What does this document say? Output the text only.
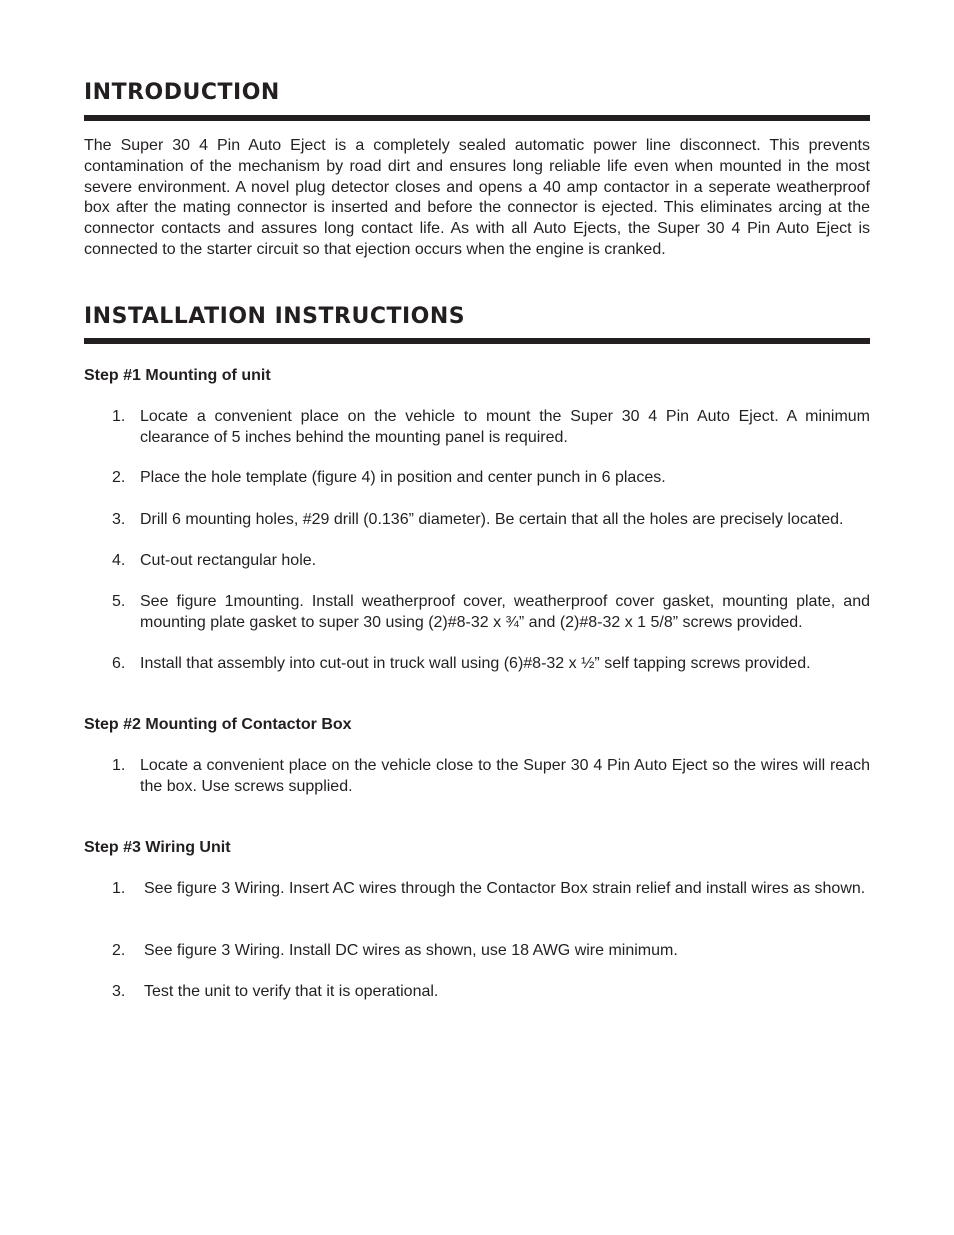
INTRODUCTION

The Super 30 4 Pin Auto Eject is a completely sealed automatic power line disconnect. This prevents contamination of the mechanism by road dirt and ensures long reliable life even when mounted in the most severe environment. A novel plug detector closes and opens a 40 amp contactor in a seperate weatherproof box after the mating connector is inserted and before the connector is ejected. This eliminates arcing at the connector contacts and assures long contact life. As with all Auto Ejects, the Super 30 4 Pin Auto Eject is connected to the starter circuit so that ejection occurs when the engine is cranked.

INSTALLATION INSTRUCTIONS

Step #1 Mounting of unit

1. Locate a convenient place on the vehicle to mount the Super 30 4 Pin Auto Eject. A minimum clearance of 5 inches behind the mounting panel is required.
2. Place the hole template (figure 4) in position and center punch in 6 places.
3. Drill 6 mounting holes, #29 drill (0.136” diameter). Be certain that all the holes are precisely located.
4. Cut-out rectangular hole.
5. See figure 1mounting. Install weatherproof cover, weatherproof cover gasket, mounting plate, and mounting plate gasket to super 30 using (2)#8-32 x ¾” and (2)#8-32 x 1 5/8” screws provided.
6. Install that assembly into cut-out in truck wall using (6)#8-32 x ½” self tapping screws provided.

Step #2 Mounting of Contactor Box

1. Locate a convenient place on the vehicle close to the Super 30 4 Pin Auto Eject so the wires will reach the box. Use screws supplied.

Step #3 Wiring Unit

1.	See figure 3 Wiring. Insert AC wires through the Contactor Box strain relief and install wires as shown.
2.	See figure 3 Wiring. Install DC wires as shown, use 18 AWG wire minimum.
3.	Test the unit to verify that it is operational.
